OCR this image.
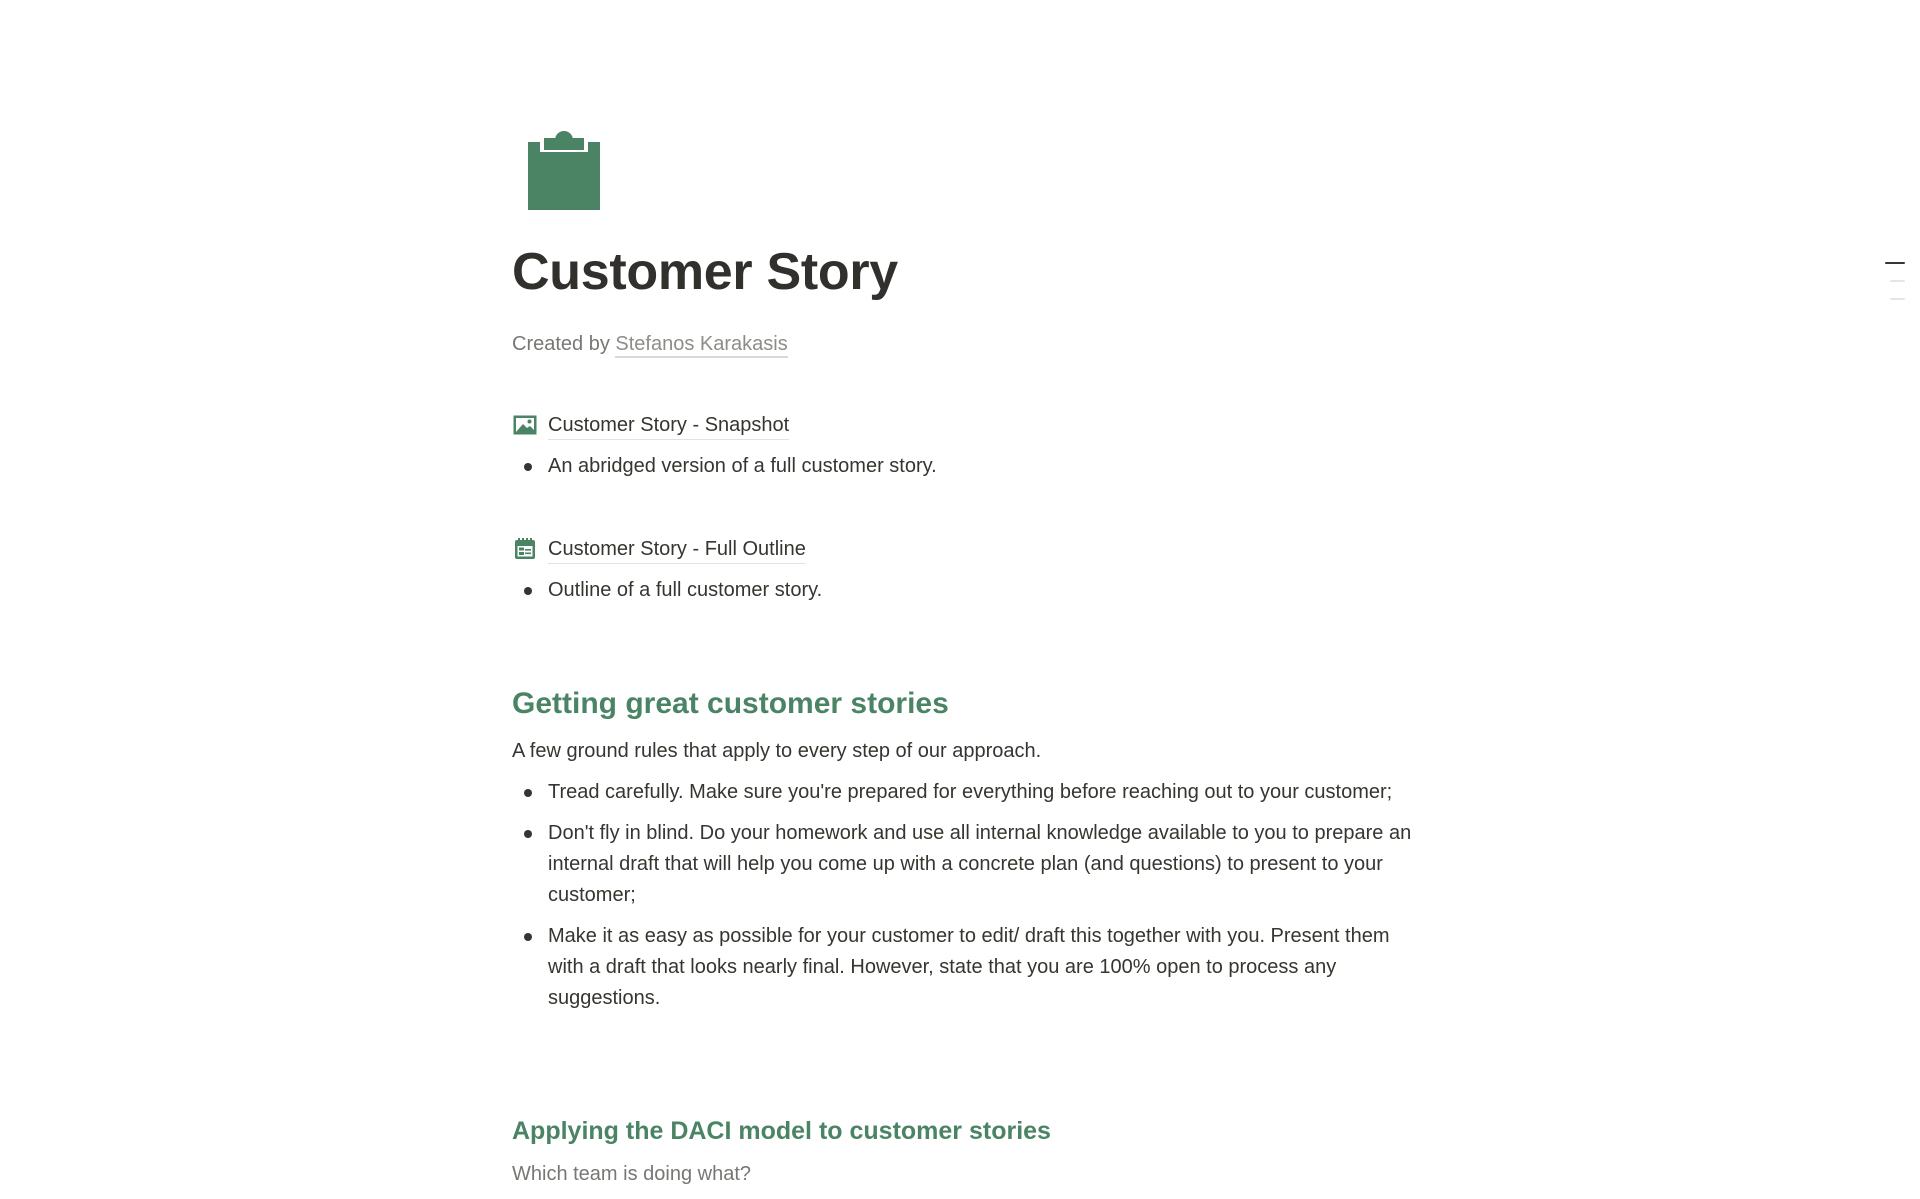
Customer Story
Created by Stefanos Karakasis
Customer Story - Snapshot
An abridged version of a full customer story.
Customer Story - Full Outline
Outline of a full customer story.
Getting great customer stories

A few ground rules that apply to every step of our approach.

Tread carefully. Make sure you're prepared for everything before reaching out to your customer;
Don't fly in blind. Do your homework and use all internal knowledge available to you to prepare an internal draft that will help you come up with a concrete plan (and questions) to present to your customer;
Make it as easy as possible for your customer to edit/ draft this together with you. Present them with a draft that looks nearly final. However, state that you are 100% open to process any suggestions.
Applying the DACI model to customer stories

Which team is doing what?
